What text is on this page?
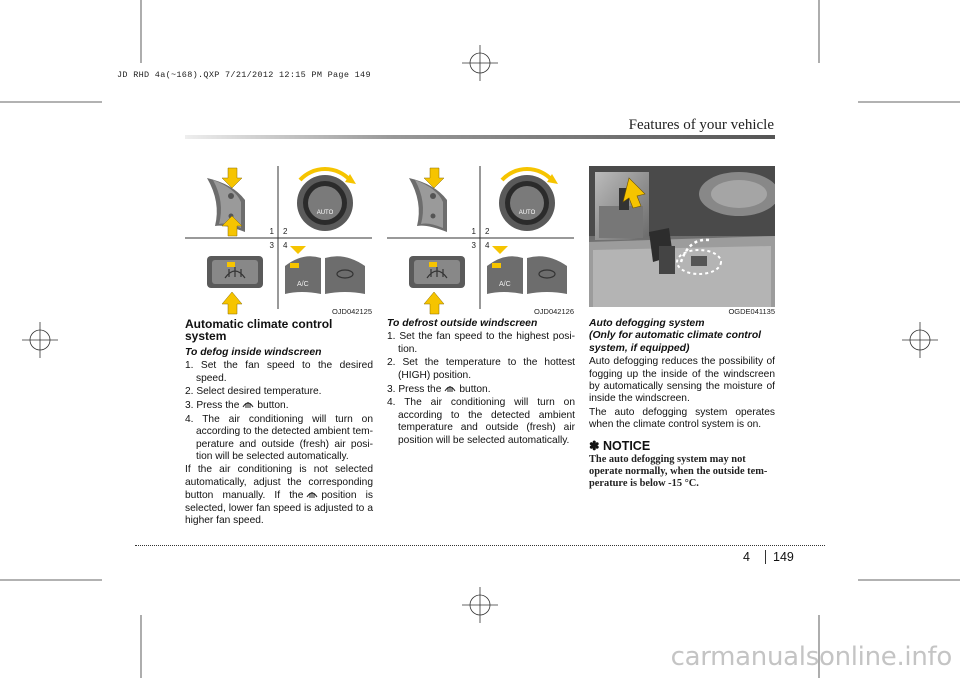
JD RHD 4a(~168).QXP 7/21/2012 12:15 PM Page 149
Features of your vehicle
AUTO
1 2
3 4
A/C
OJD042125
AUTO
1 2
3 4
A/C
OJD042126	OGDE041135

Automatic climate control system

To defog inside windscreen

1. Set the fan speed to the desired speed.

2. Select desired temperature.

3. Press the button.

4. The air conditioning will turn on according to the detected ambient tem-perature and outside (fresh) air posi-tion will be selected automatically.

If the air conditioning is not selected automatically, adjust the corresponding button manually. If the position is selected, lower fan speed is adjusted to a higher fan speed.

To defrost outside windscreen

1. Set the fan speed to the highest posi-tion.

2. Set the temperature to the hottest (HIGH) position.

3. Press the button.

4. The air conditioning will turn on according to the detected ambient temperature and outside (fresh) air position will be selected automatically.

Auto defogging system

(Only for automatic climate control system, if equipped)

Auto defogging reduces the possibility of fogging up the inside of the windscreen by automatically sensing the moisture of inside the windscreen.

The auto defogging system operates when the climate control system is on.

✽ NOTICE

The auto defogging system may not operate normally, when the outside tem-perature is below -15 °C.

4 149
carmanualsonline.info
